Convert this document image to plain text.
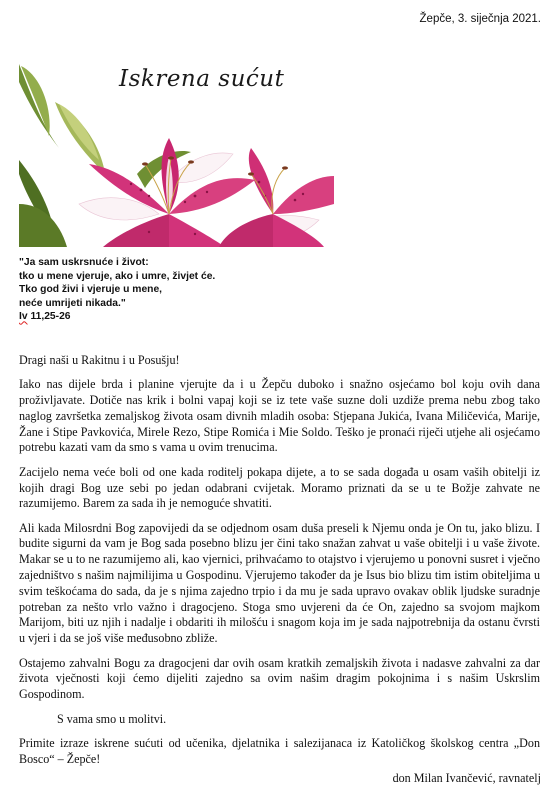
Žepče, 3. siječnja 2021.
Iskrena sućut
"Ja sam uskrsnuće i život:
tko u mene vjeruje, ako i umre, živjet će.
Tko god živi i vjeruje u mene,
neće umrijeti nikada."
Iv 11,25-26

Dragi naši u Rakitnu i u Posušju!

Iako nas dijele brda i planine vjerujte da i u Žepču duboko i snažno osjećamo bol koju ovih dana proživljavate. Dotiče nas krik i bolni vapaj koji se iz tete vaše suzne doli uzdiže prema nebu zbog tako naglog završetka zemaljskog života osam divnih mladih osoba: Stjepana Jukića, Ivana Miličevića, Marije, Žane i Stipe Pavkovića, Mirele Rezo, Stipe Romića i Mie Soldo. Teško je pronaći riječi utjehe ali osjećamo potrebu kazati vam da smo s vama u ovim trenucima.

Zacijelo nema veće boli od one kada roditelj pokapa dijete, a to se sada događa u osam vaših obitelji iz kojih dragi Bog uze sebi po jedan odabrani cvijetak. Moramo priznati da se u te Božje zahvate ne razumijemo. Barem za sada ih je nemoguće shvatiti.

Ali kada Milosrdni Bog zapovijedi da se odjednom osam duša preseli k Njemu onda je On tu, jako blizu. I budite sigurni da vam je Bog sada posebno blizu jer čini tako snažan zahvat u vaše obitelji i u vaše živote. Makar se u to ne razumijemo ali, kao vjernici, prihvaćamo to otajstvo i vjerujemo u ponovni susret i vječno zajedništvo s našim najmilijima u Gospodinu. Vjerujemo također da je Isus bio blizu tim istim obiteljima u svim teškoćama do sada, da je s njima zajedno trpio i da mu je sada upravo ovakav oblik ljudske suradnje potreban za nešto vrlo važno i dragocjeno. Stoga smo uvjereni da će On, zajedno sa svojom majkom Marijom, biti uz njih i nadalje i obdariti ih milošću i snagom koja im je sada najpotrebnija da ostanu čvrsti u vjeri i da se još više međusobno zbliže.

Ostajemo zahvalni Bogu za dragocjeni dar ovih osam kratkih zemaljskih života i nadasve zahvalni za dar života vječnosti koji ćemo dijeliti zajedno sa ovim našim dragim pokojnima i s našim Uskrslim Gospodinom.

S vama smo u molitvi.

Primite izraze iskrene sućuti od učenika, djelatnika i salezijanaca iz Katoličkog školskog centra „Don Bosco“ – Žepče!

don Milan Ivančević, ravnatelj
